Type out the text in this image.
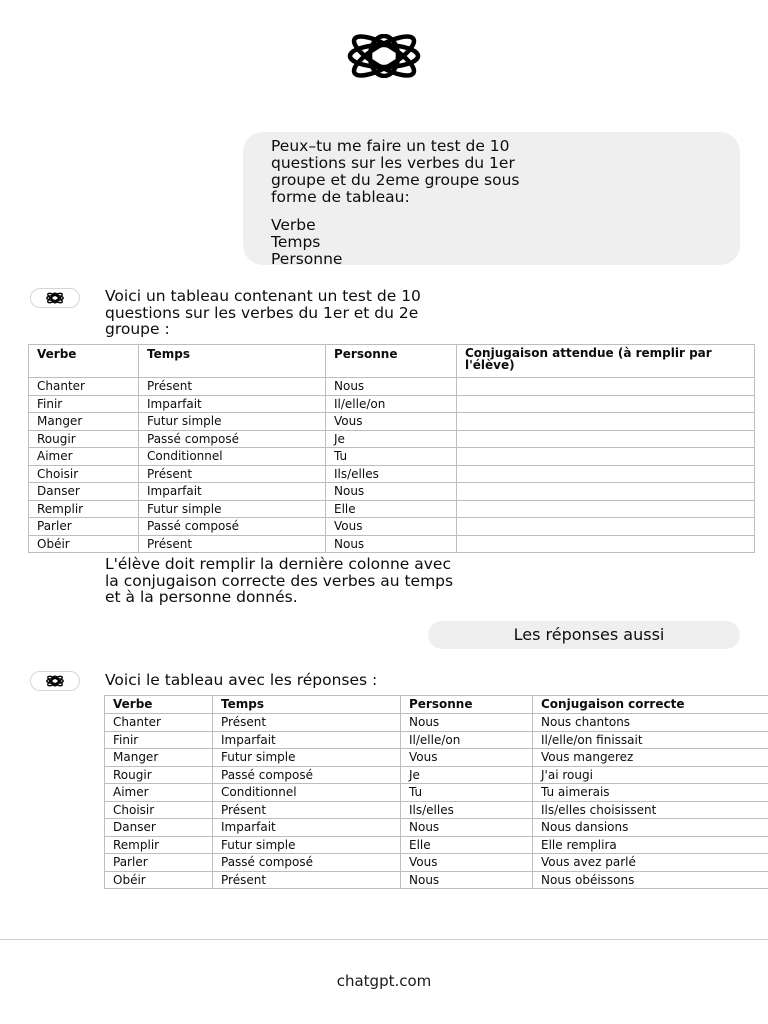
Peux–tu me faire un test de 10

questions sur les verbes du 1er

groupe et du 2eme groupe sous

forme de tableau:

Verbe

Temps

Personne

Voici un tableau contenant un test de 10
questions sur les verbes du 1er et du 2e
groupe :
Verbe	Temps	Personne	Conjugaison attendue (à remplir par l'élève)
Chanter	Présent	Nous	
Finir	Imparfait	Il/elle/on	
Manger	Futur simple	Vous	
Rougir	Passé composé	Je	
Aimer	Conditionnel	Tu	
Choisir	Présent	Ils/elles	
Danser	Imparfait	Nous	
Remplir	Futur simple	Elle	
Parler	Passé composé	Vous	
Obéir	Présent	Nous	
L'élève doit remplir la dernière colonne avec
la conjugaison correcte des verbes au temps
et à la personne donnés.
Les réponses aussi
Voici le tableau avec les réponses :
Verbe	Temps	Personne	Conjugaison correcte
Chanter	Présent	Nous	Nous chantons
Finir	Imparfait	Il/elle/on	Il/elle/on finissait
Manger	Futur simple	Vous	Vous mangerez
Rougir	Passé composé	Je	J'ai rougi
Aimer	Conditionnel	Tu	Tu aimerais
Choisir	Présent	Ils/elles	Ils/elles choisissent
Danser	Imparfait	Nous	Nous dansions
Remplir	Futur simple	Elle	Elle remplira
Parler	Passé composé	Vous	Vous avez parlé
Obéir	Présent	Nous	Nous obéissons
chatgpt.com
